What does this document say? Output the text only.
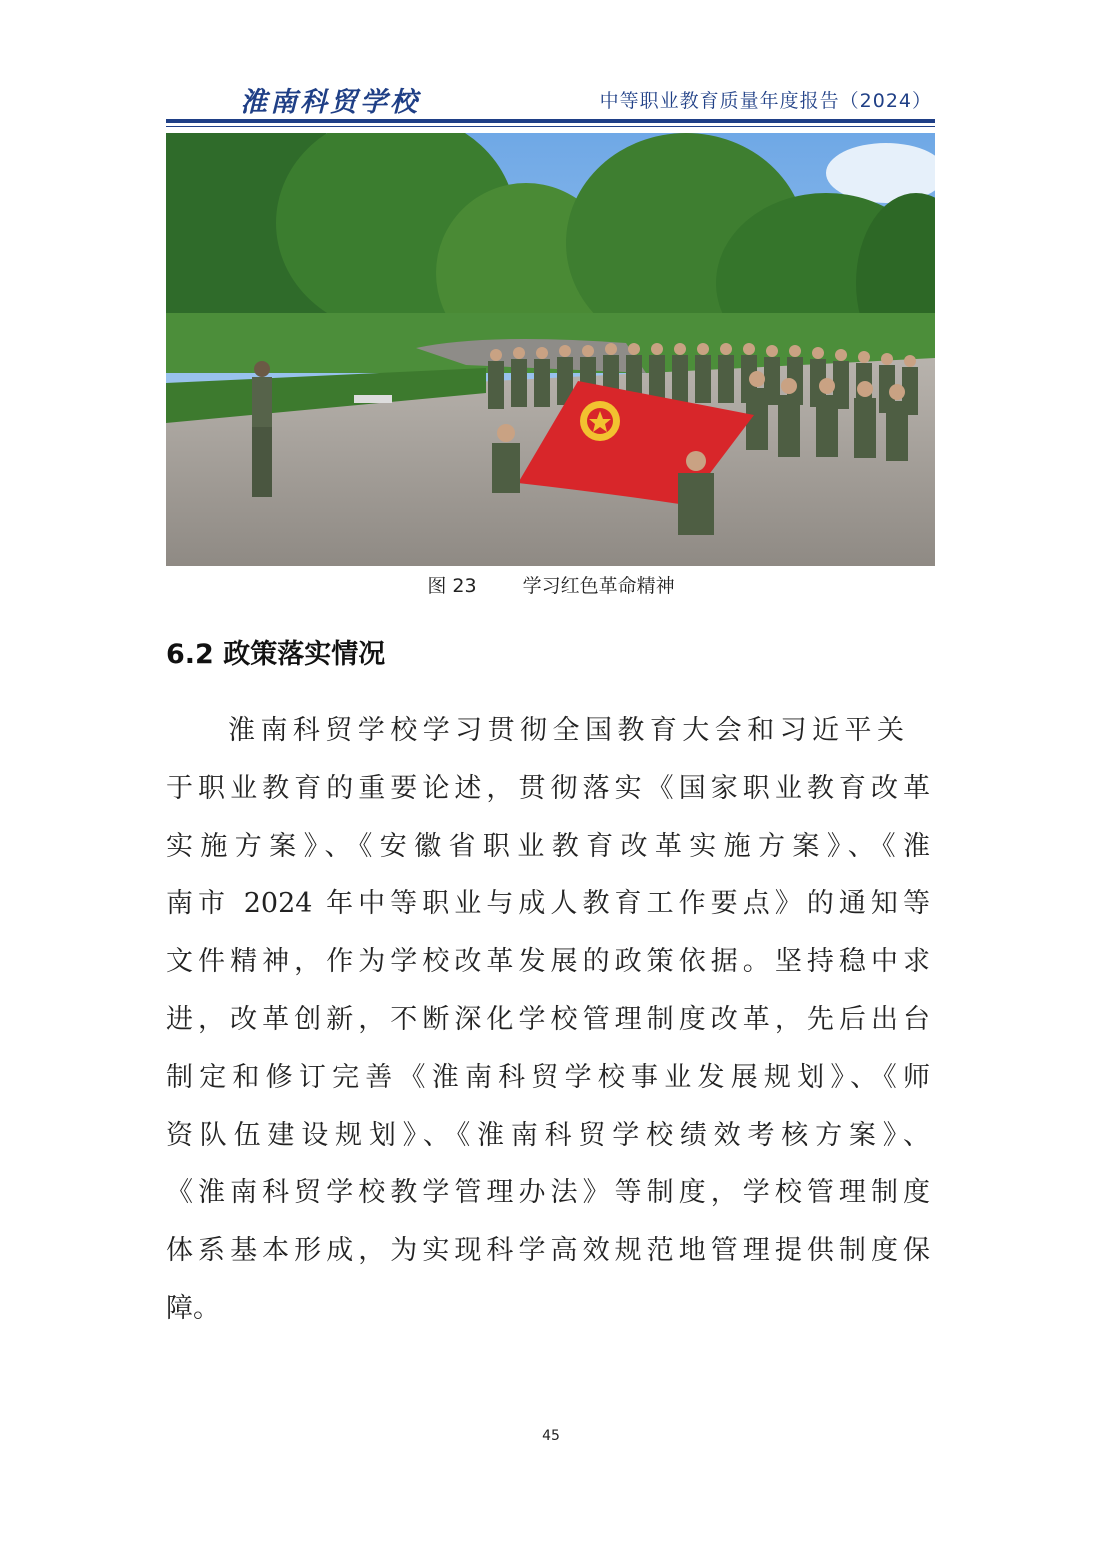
淮南科贸学校	中等职业教育质量年度报告（2024）
图 23 学习红色革命精神
6.2 政策落实情况
淮南科贸学校学习贯彻全国教育大会和习近平关
于职业教育的重要论述，贯彻落实《国家职业教育改革
实施方案》、《安徽省职业教育改革实施方案》、《淮
南市 2024 年中等职业与成人教育工作要点》的通知等
文件精神，作为学校改革发展的政策依据。坚持稳中求
进，改革创新，不断深化学校管理制度改革，先后出台
制定和修订完善《淮南科贸学校事业发展规划》、《师
资队伍建设规划》、《淮南科贸学校绩效考核方案》、
《淮南科贸学校教学管理办法》等制度，学校管理制度
体系基本形成，为实现科学高效规范地管理提供制度保
障。
45
